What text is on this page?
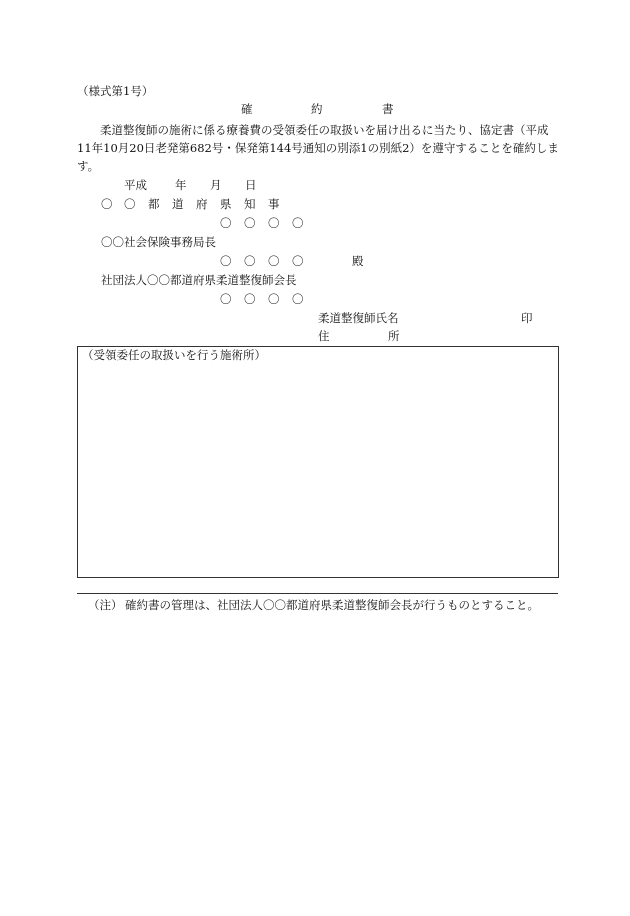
（様式第1号）
確	約	書
柔道整復師の施術に係る療養費の受領委任の取扱いを届け出るに当たり、協定書（平成11年10月20日老発第682号・保発第144号通知の別添1の別紙2）を遵守することを確約します。
平成 年 月 日
〇 〇 都 道 府 県 知 事
〇 〇 〇 〇
〇〇社会保険事務局長
〇 〇 〇 〇	殿
社団法人〇〇都道府県柔道整復師会長
〇 〇 〇 〇
柔道整復師氏名	印
住	所
（受領委任の取扱いを行う施術所）
（注） 確約書の管理は、社団法人〇〇都道府県柔道整復師会長が行うものとすること。
